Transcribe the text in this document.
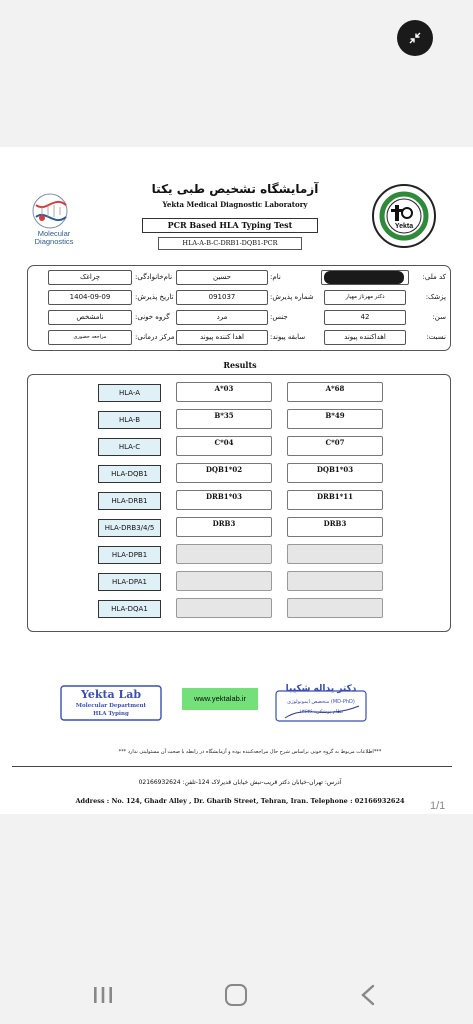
Molecular Diagnostics
آزمایشگاه تشخیص طبی یکتا
Yekta Medical Diagnostic Laboratory
PCR Based HLA Typing Test
HLA-A-B-C-DRB1-DQB1-PCR
Yekta
کد ملی:
نام:
حسین
نام‌خانوادگی:
چراغک
پزشک:
دکتر مهرناز مهیار
شماره پذیرش:
091037
تاریخ پذیرش:
1404-09-09
سن:
42
جنس:
مرد
گروه خونی:
نامشخص
نسبت:
اهداکننده پیوند
سابقه پیوند:
اهدا کننده پیوند
مرکز درمانی:
مراجعه حضوری
Results
HLA-A	A*03	A*68
HLA-B	B*35	B*49
HLA-C	C*04	C*07
HLA-DQB1	DQB1*02	DQB1*03
HLA-DRB1	DRB1*03	DRB1*11
HLA-DRB3/4/5	DRB3	DRB3
HLA-DPB1
HLA-DPA1
HLA-DQA1
Yekta Lab
Molecular Department
HLA Typing
www.yektalab.ir
دکتر یداله شکیبا
متخصص ایمونولوژی (MD-PhD)
نظام پزشکی: ۱۳۶۳۶
***اطلاعات مربوط به گروه خونی براساس شرح حال مراجعه‌کننده بوده و آزمایشگاه در رابطه با صحت آن مسئولیتی ندارد ***
آدرس: تهران-خیابان دکتر قریب-نبش خیابان قدیرلاک 124-تلفن: 02166932624
Address : No. 124, Ghadr Alley , Dr. Gharib Street, Tehran, Iran. Telephone : 02166932624	1/1
